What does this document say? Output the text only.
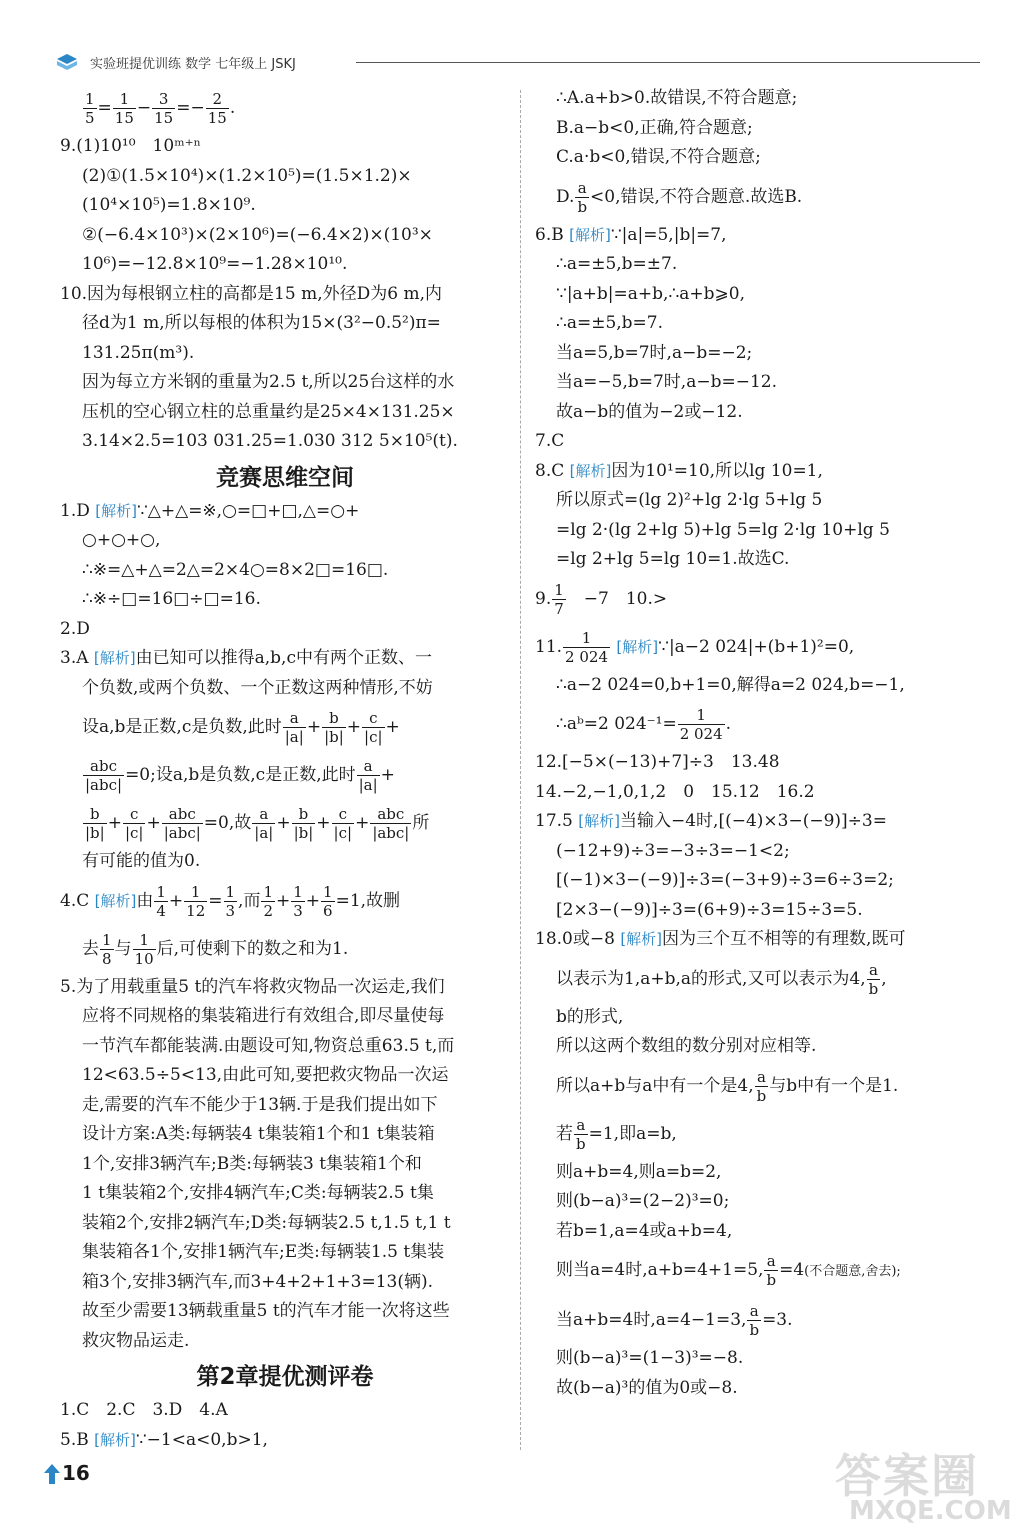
实验班提优训练 数学 七年级上 JSKJ

$\frac{1}{5} = \frac{1}{15} - \frac{3}{15} =- \frac{2}{15}$ .

9.(1)10¹⁰　10ᵐ⁺ⁿ

(2)①(1.5×10⁴)×(1.2×10⁵)=(1.5×1.2)×

(10⁴×10⁵)=1.8×10⁹.

②(−6.4×10³)×(2×10⁶)=(−6.4×2)×(10³×

10⁶)=−12.8×10⁹=−1.28×10¹⁰.

10.因为每根钢立柱的高都是15 m,外径D为6 m,内

径d为1 m,所以每根的体积为15×(3²−0.5²)π=

131.25π(m³).

因为每立方米钢的重量为2.5 t,所以25台这样的水

压机的空心钢立柱的总重量约是25×4×131.25×

3.14×2.5=103 031.25=1.030 312 5×10⁵(t).

竞赛思维空间

1.D [解析]∵△+△=※,○=□+□,△=○+

○+○+○,

∴※=△+△=2△=2×4○=8×2□=16□.

∴※÷□=16□÷□=16.

2.D

3.A [解析]由已知可以推得a,b,c中有两个正数、一

个负数,或两个负数、一个正数这两种情形,不妨

设a,b是正数,c是负数,此时 $\frac{a}{|a|} + \frac{b}{|b|} + \frac{c}{|c|}$ +

$\frac{\text{abc}}{\text{|abc|}} =0$;设a,b是负数,c是正数,此时 $\frac{a}{|a|}$ +

$\frac{b}{|b|} + \frac{c}{|c|} + \frac{\text{abc}}{\text{|abc|}} =0$,故 $\frac{a}{|a|} + \frac{b}{|b|} + \frac{c}{|c|} + \frac{\text{abc}}{\text{|abc|}}$ 所

有可能的值为0.

4.C [解析]由 $\frac{1}{4} + \frac{1}{12} = \frac{1}{3}$ ,而 $\frac{1}{2} + \frac{1}{3} + \frac{1}{6} =1$,故删

去 $\frac{1}{8}$ 与 $\frac{1}{10}$ 后,可使剩下的数之和为1.

5.为了用载重量5 t的汽车将救灾物品一次运走,我们

应将不同规格的集装箱进行有效组合,即尽量使每

一节汽车都能装满.由题设可知,物资总重63.5 t,而

12<63.5÷5<13,由此可知,要把救灾物品一次运

走,需要的汽车不能少于13辆.于是我们提出如下

设计方案:A类:每辆装4 t集装箱1个和1 t集装箱

1个,安排3辆汽车;B类:每辆装3 t集装箱1个和

1 t集装箱2个,安排4辆汽车;C类:每辆装2.5 t集

装箱2个,安排2辆汽车;D类:每辆装2.5 t,1.5 t,1 t

集装箱各1个,安排1辆汽车;E类:每辆装1.5 t集装

箱3个,安排3辆汽车,而3+4+2+1+3=13(辆).

故至少需要13辆载重量5 t的汽车才能一次将这些

救灾物品运走.

第2章提优测评卷

1.C　2.C　3.D　4.A

5.B [解析]∵−1<a<0,b>1,

∴A.a+b>0.故错误,不符合题意;

B.a−b<0,正确,符合题意;

C.a·b<0,错误,不符合题意;

D. $\frac{a}{b} <0$,错误,不符合题意.故选B.

6.B [解析]∵|a|=5,|b|=7,

∴a=±5,b=±7.

∵|a+b|=a+b,∴a+b⩾0,

∴a=±5,b=7.

当a=5,b=7时,a−b=−2;

当a=−5,b=7时,a−b=−12.

故a−b的值为−2或−12.

7.C

8.C [解析]因为10¹=10,所以lg 10=1,

所以原式=(lg 2)²+lg 2·lg 5+lg 5

=lg 2·(lg 2+lg 5)+lg 5=lg 2·lg 10+lg 5

=lg 2+lg 5=lg 10=1.故选C.

9. $\frac{1}{7}$ 　−7　10.>

11. $\frac{1}{2 024}$ [解析]∵|a−2 024|+(b+1)²=0,

∴a−2 024=0,b+1=0,解得a=2 024,b=−1,

∴aᵇ=2 $024^{-1}= \frac{1}{2 024}$ .

12.[−5×(−13)+7]÷3　13.48

14.−2,−1,0,1,2　0　15.12　16.2

17.5 [解析]当输入−4时,[(−4)×3−(−9)]÷3=

(−12+9)÷3=−3÷3=−1<2;

[(−1)×3−(−9)]÷3=(−3+9)÷3=6÷3=2;

[2×3−(−9)]÷3=(6+9)÷3=15÷3=5.

18.0或−8 [解析]因为三个互不相等的有理数,既可

以表示为1,a+b,a的形式,又可以表示为4, $\frac{a}{b}$ ,

b的形式,

所以这两个数组的数分别对应相等.

所以a+b与a中有一个是4, $\frac{a}{b}$ 与b中有一个是1.

若 $\frac{a}{b} =1$,即a=b,

则a+b=4,则a=b=2,

则(b−a)³=(2−2)³=0;

若b=1,a=4或a+b=4,

则当a=4时,a+b=4+1=5, $\frac{a}{b} =4$(不合题意,舍去);

当a+b=4时,a=4−1=3, $\frac{a}{b} =3$.

则(b−a)³=(1−3)³=−8.

故(b−a)³的值为0或−8.

16	答案圈
MXQE.COM
